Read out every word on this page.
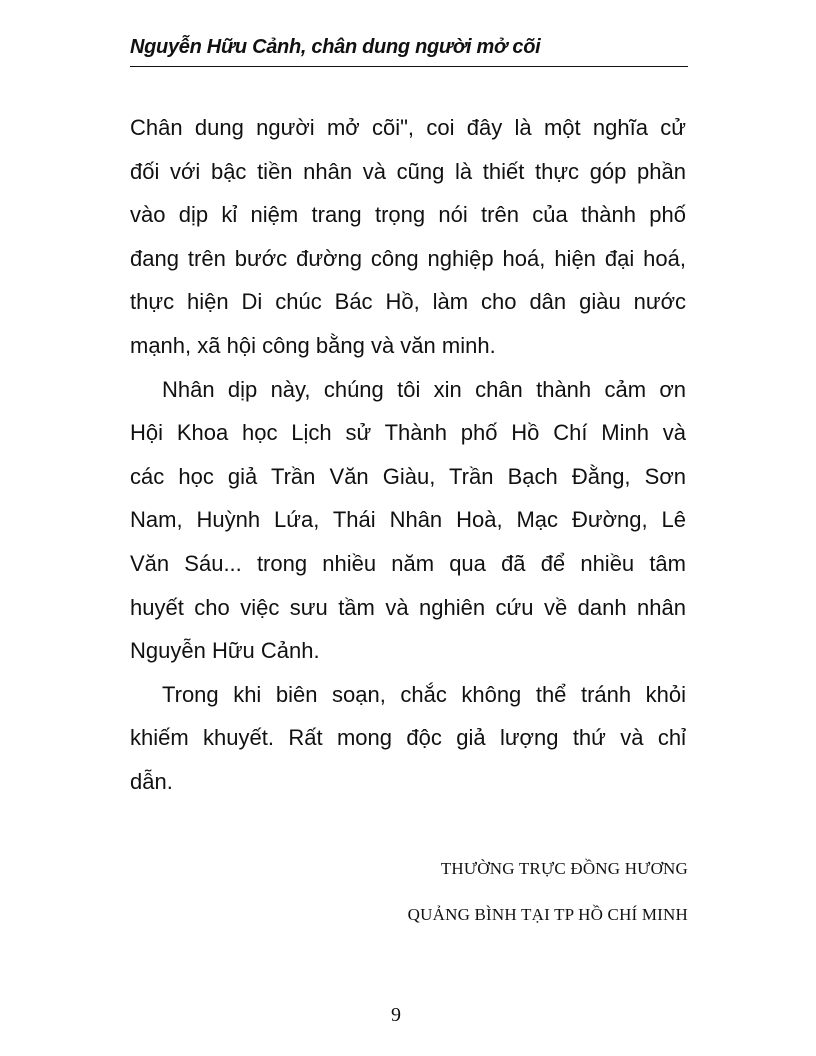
Nguyễn Hữu Cảnh, chân dung người mở cõi
Chân dung người mở cõi", coi đây là một nghĩa cử
đối với bậc tiền nhân và cũng là thiết thực góp phần
vào dịp kỉ niệm trang trọng nói trên của thành phố
đang trên bước đường công nghiệp hoá, hiện đại hoá,
thực hiện Di chúc Bác Hồ, làm cho dân giàu nước
mạnh, xã hội công bằng và văn minh.
Nhân dịp này, chúng tôi xin chân thành cảm ơn
Hội Khoa học Lịch sử Thành phố Hồ Chí Minh và
các học giả Trần Văn Giàu, Trần Bạch Đằng, Sơn
Nam, Huỳnh Lứa, Thái Nhân Hoà, Mạc Đường, Lê
Văn Sáu... trong nhiều năm qua đã để nhiều tâm
huyết cho việc sưu tầm và nghiên cứu về danh nhân
Nguyễn Hữu Cảnh.
Trong khi biên soạn, chắc không thể tránh khỏi
khiếm khuyết. Rất mong độc giả lượng thứ và chỉ
dẫn.
THƯỜNG TRỰC ĐỒNG HƯƠNG
QUẢNG BÌNH TẠI TP HỒ CHÍ MINH
9
